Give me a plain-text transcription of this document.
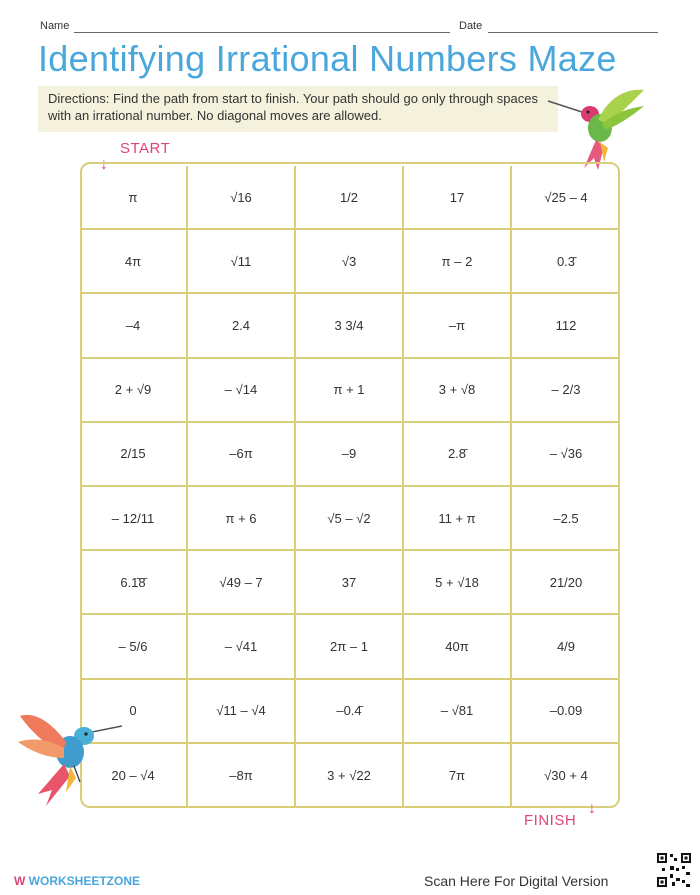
Name	Date
Identifying Irrational Numbers Maze
Directions: Find the path from start to finish. Your path should go only through spaces with an irrational number. No diagonal moves are allowed.
↓
START
π	√16	1/2	17	√25 – 4
4π	√11	√3	π – 2	0.3̄
–4	2.4	3 3/4	–π	112
2 + √9	– √14	π + 1	3 + √8	– 2/3
2/15	–6π	–9	2.8̄	– √36
– 12/11	π + 6	√5 – √2	11 + π	–2.5
6.1̄8̄	√49 – 7	37	5 + √18	21/20
– 5/6	– √41	2π – 1	40π	4/9
0	√11 – √4	–0.4̄	– √81	–0.09
20 – √4	–8π	3 + √22	7π	√30 + 4
FINISH
↓
W WORKSHEETZONE	Scan Here For Digital Version
